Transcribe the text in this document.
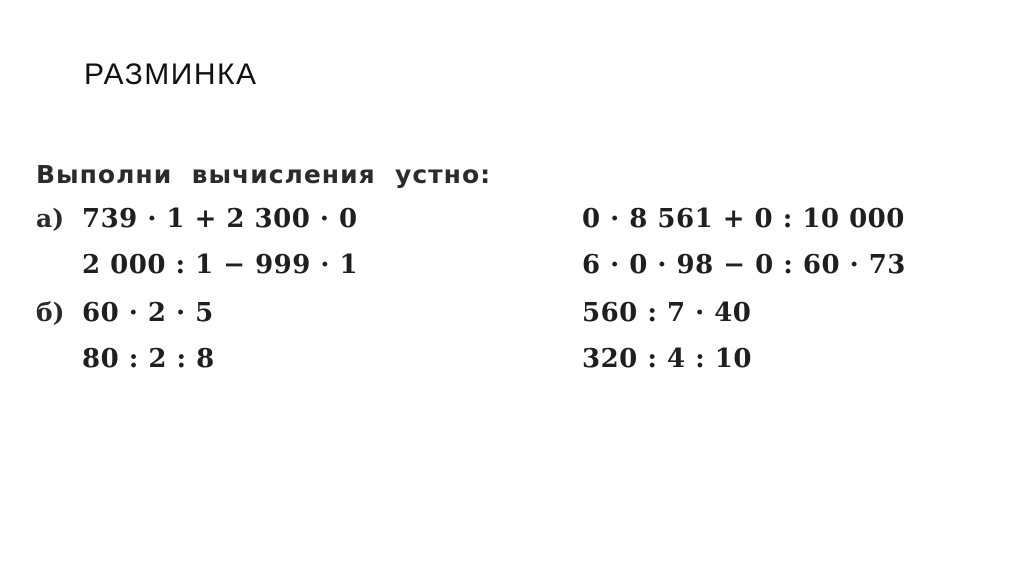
РАЗМИНКА

Выполни  вычисления  устно:

а) 739 · 1 + 2 300 · 0	0 · 8 561 + 0 : 10 000
2 000 : 1 − 999 · 1	6 · 0 · 98 − 0 : 60 · 73
б) 60 · 2 · 5	560 : 7 · 40
80 : 2 : 8	320 : 4 : 10
